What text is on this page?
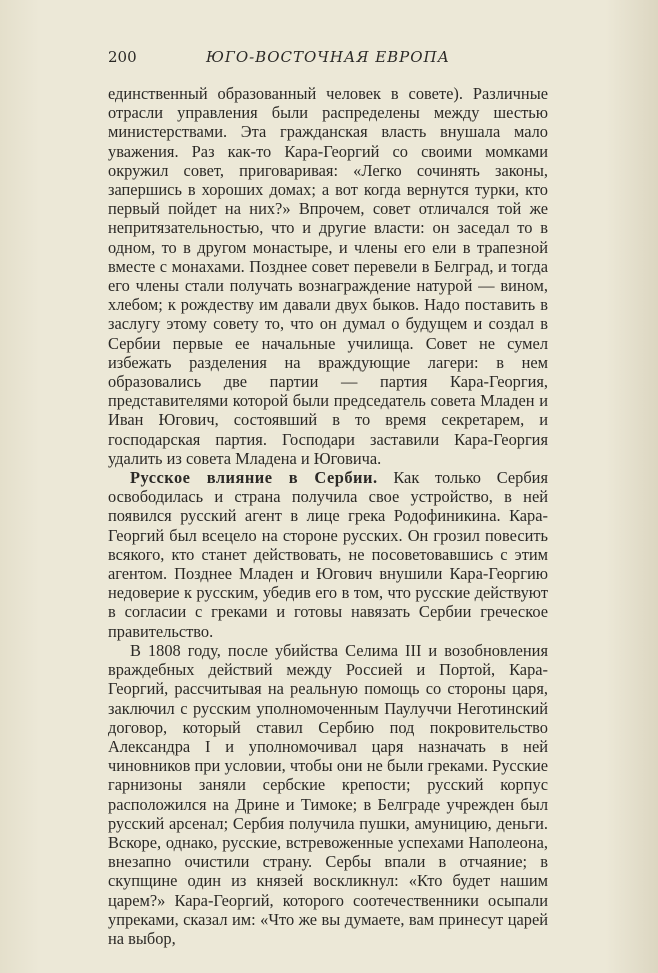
200	ЮГО-ВОСТОЧНАЯ ЕВРОПА

единственный образованный человек в совете). Различные отрасли управления были распределены между шестью министерствами. Эта гражданская власть внушала мало уважения. Раз как-то Кара-Георгий со своими момками окружил совет, приговаривая: «Легко сочинять законы, запершись в хороших домах; а вот когда вернутся турки, кто первый пойдет на них?» Впрочем, совет отличался той же непритязательностью, что и другие власти: он заседал то в одном, то в другом монастыре, и члены его ели в трапезной вместе с монахами. Позднее совет перевели в Белград, и тогда его члены стали получать вознаграждение натурой — вином, хлебом; к рождеству им давали двух быков. Надо поставить в заслугу этому совету то, что он думал о будущем и создал в Сербии первые ее начальные училища. Совет не сумел избежать разделения на враждующие лагери: в нем образовались две партии — партия Кара-Георгия, представителями которой были председатель совета Младен и Иван Югович, состоявший в то время секретарем, и господарская партия. Господари заставили Кара-Георгия удалить из совета Младена и Юговича.

Русское влияние в Сербии. Как только Сербия освободилась и страна получила свое устройство, в ней появился русский агент в лице грека Родофиникина. Кара-Георгий был всецело на стороне русских. Он грозил повесить всякого, кто станет действовать, не посоветовавшись с этим агентом. Позднее Младен и Югович внушили Кара-Георгию недоверие к русским, убедив его в том, что русские действуют в согласии с греками и готовы навязать Сербии греческое правительство.

В 1808 году, после убийства Селима III и возобновления враждебных действий между Россией и Портой, Кара-Георгий, рассчитывая на реальную помощь со стороны царя, заключил с русским уполномоченным Паулуччи Неготинский договор, который ставил Сербию под покровительство Александра I и уполномочивал царя назначать в ней чиновников при условии, чтобы они не были греками. Русские гарнизоны заняли сербские крепости; русский корпус расположился на Дрине и Тимоке; в Белграде учрежден был русский арсенал; Сербия получила пушки, амуницию, деньги. Вскоре, однако, русские, встревоженные успехами Наполеона, внезапно очистили страну. Сербы впали в отчаяние; в скупщине один из князей воскликнул: «Кто будет нашим царем?» Кара-Георгий, которого соотечественники осыпали упреками, сказал им: «Что же вы думаете, вам принесут царей на выбор,
